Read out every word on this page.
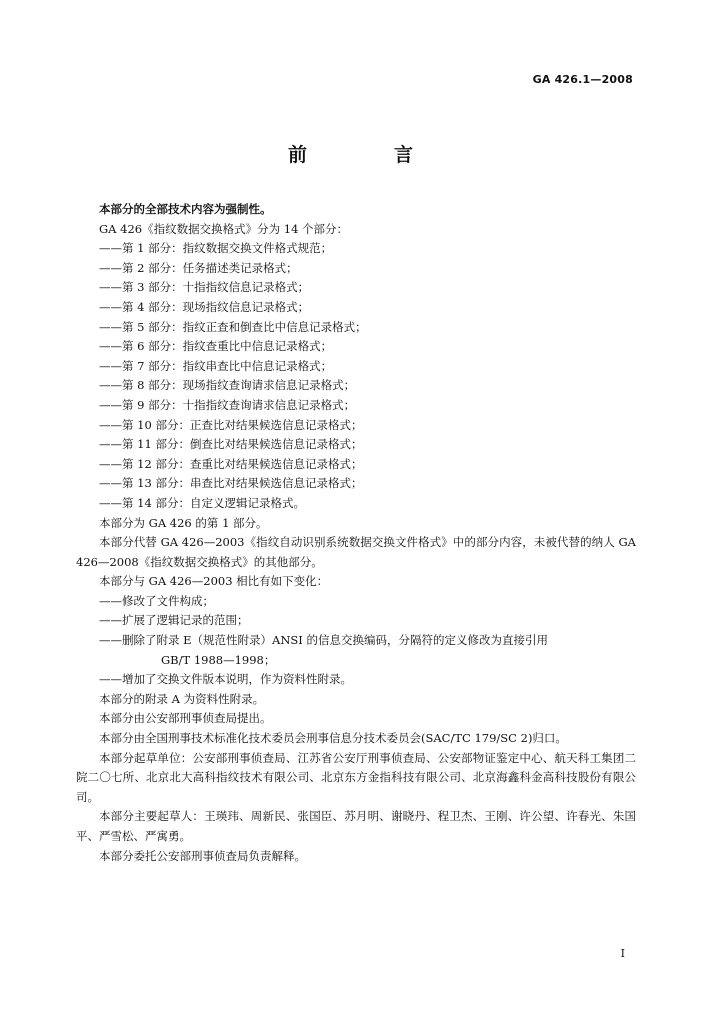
GA 426.1—2008
前　言

本部分的全部技术内容为强制性。

GA 426《指纹数据交换格式》分为 14 个部分：

——第 1 部分：指纹数据交换文件格式规范；

——第 2 部分：任务描述类记录格式；

——第 3 部分：十指指纹信息记录格式；

——第 4 部分：现场指纹信息记录格式；

——第 5 部分：指纹正查和倒查比中信息记录格式；

——第 6 部分：指纹查重比中信息记录格式；

——第 7 部分：指纹串查比中信息记录格式；

——第 8 部分：现场指纹查询请求信息记录格式；

——第 9 部分：十指指纹查询请求信息记录格式；

——第 10 部分：正查比对结果候选信息记录格式；

——第 11 部分：倒查比对结果候选信息记录格式；

——第 12 部分：查重比对结果候选信息记录格式；

——第 13 部分：串查比对结果候选信息记录格式；

——第 14 部分：自定义逻辑记录格式。

本部分为 GA 426 的第 1 部分。

本部分代替 GA 426—2003《指纹自动识别系统数据交换文件格式》中的部分内容，未被代替的纳人 GA 426—2008《指纹数据交换格式》的其他部分。

本部分与 GA 426—2003 相比有如下变化：

——修改了文件构成；

——扩展了逻辑记录的范围；

——删除了附录 E（规范性附录）ANSI 的信息交换编码，分隔符的定义修改为直接引用

GB/T 1988—1998；

——增加了交换文件版本说明，作为资料性附录。

本部分的附录 A 为资料性附录。

本部分由公安部刑事侦查局提出。

本部分由全国刑事技术标准化技术委员会刑事信息分技术委员会(SAC/TC 179/SC 2)归口。

本部分起草单位：公安部刑事侦查局、江苏省公安厅刑事侦查局、公安部物证鉴定中心、航天科工集团二院二〇七所、北京北大高科指纹技术有限公司、北京东方金指科技有限公司、北京海鑫科金高科技股份有限公司。

本部分主要起草人：王瑛玮、周新民、张国臣、苏月明、谢晓丹、程卫杰、王刚、许公望、许春光、朱国平、严雪松、严寓勇。

本部分委托公安部刑事侦查局负责解释。

I
